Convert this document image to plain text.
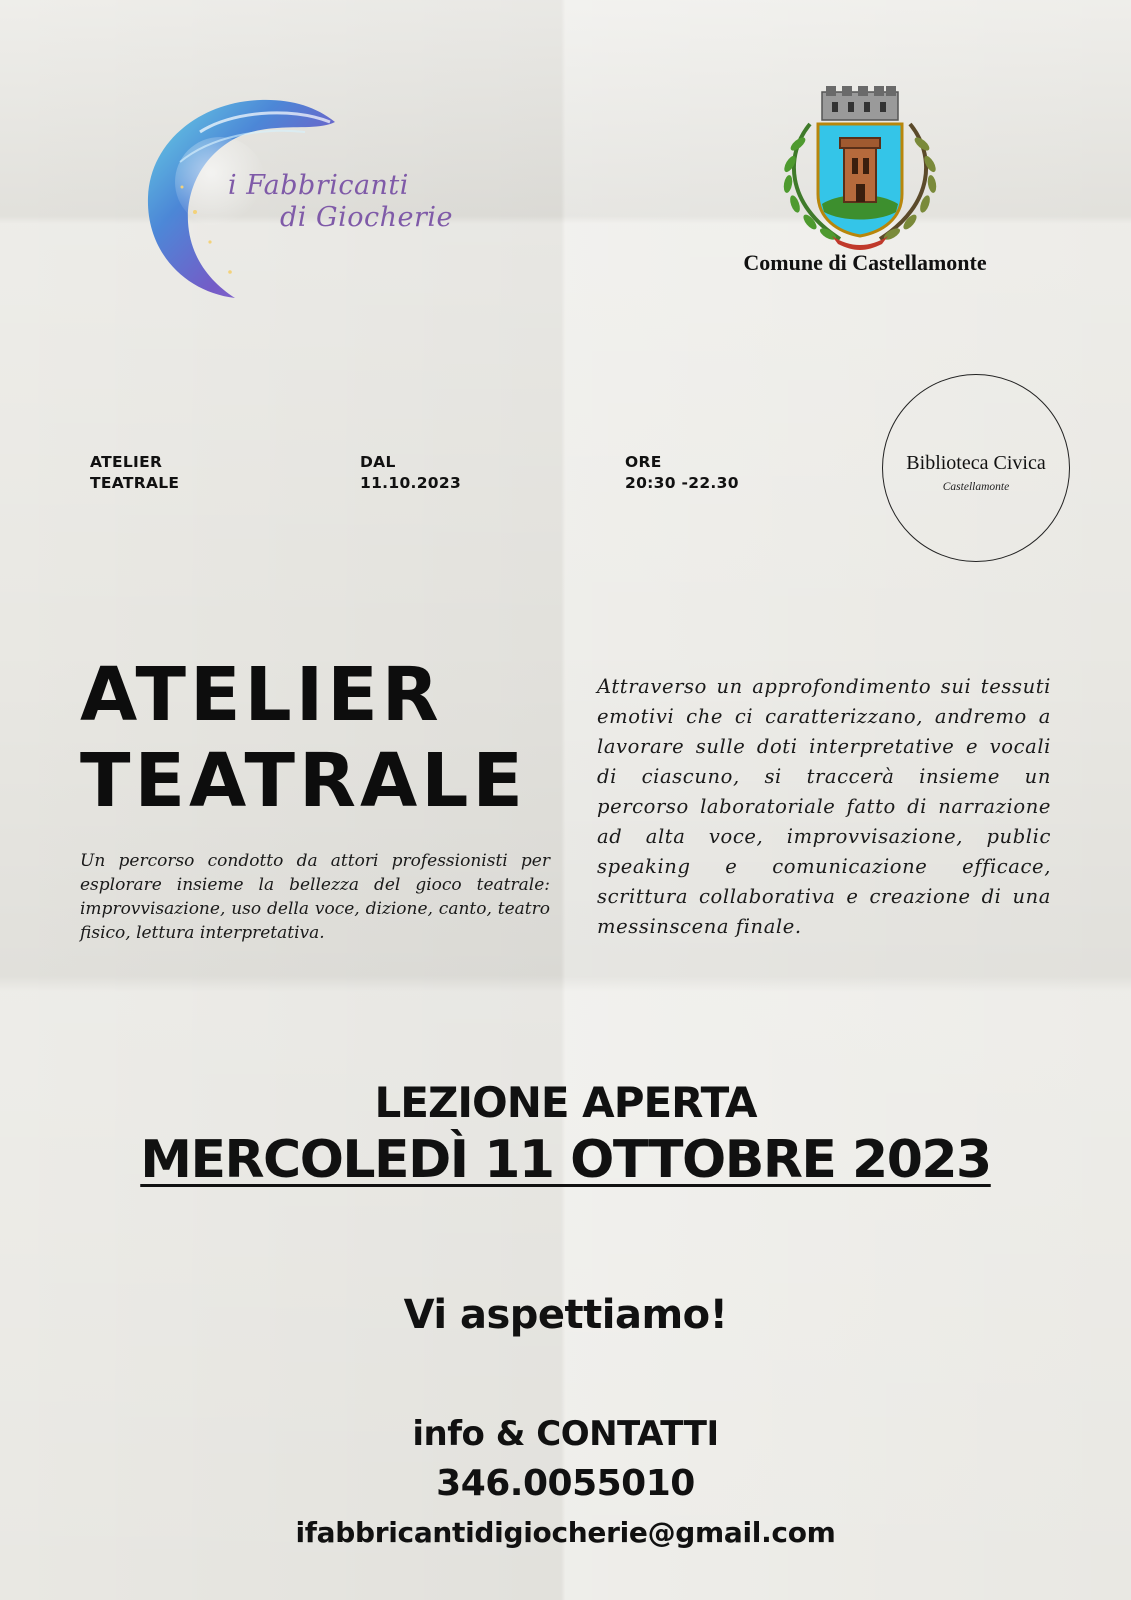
i Fabbricanti
di Giocherie
Comune di Castellamonte
ATELIER
TEATRALE
DAL
11.10.2023
ORE
20:30 -22.30
Biblioteca Civica
Castellamonte
ATELIER
TEATRALE
Un percorso condotto da attori professionisti per esplorare insieme la bellezza del gioco teatrale: improvvisazione, uso della voce, dizione, canto, teatro fisico, lettura interpretativa.
Attraverso un approfondimento sui tessuti emotivi che ci caratterizzano, andremo a lavorare sulle doti interpretative e vocali di ciascuno, si traccerà insieme un percorso laboratoriale fatto di narrazione ad alta voce, improvvisazione, public speaking e comunicazione efficace, scrittura collaborativa e creazione di una messinscena finale.
LEZIONE APERTA
MERCOLEDÌ 11 OTTOBRE 2023
Vi aspettiamo!
info & CONTATTI
346.0055010
ifabbricantidigiocherie@gmail.com
